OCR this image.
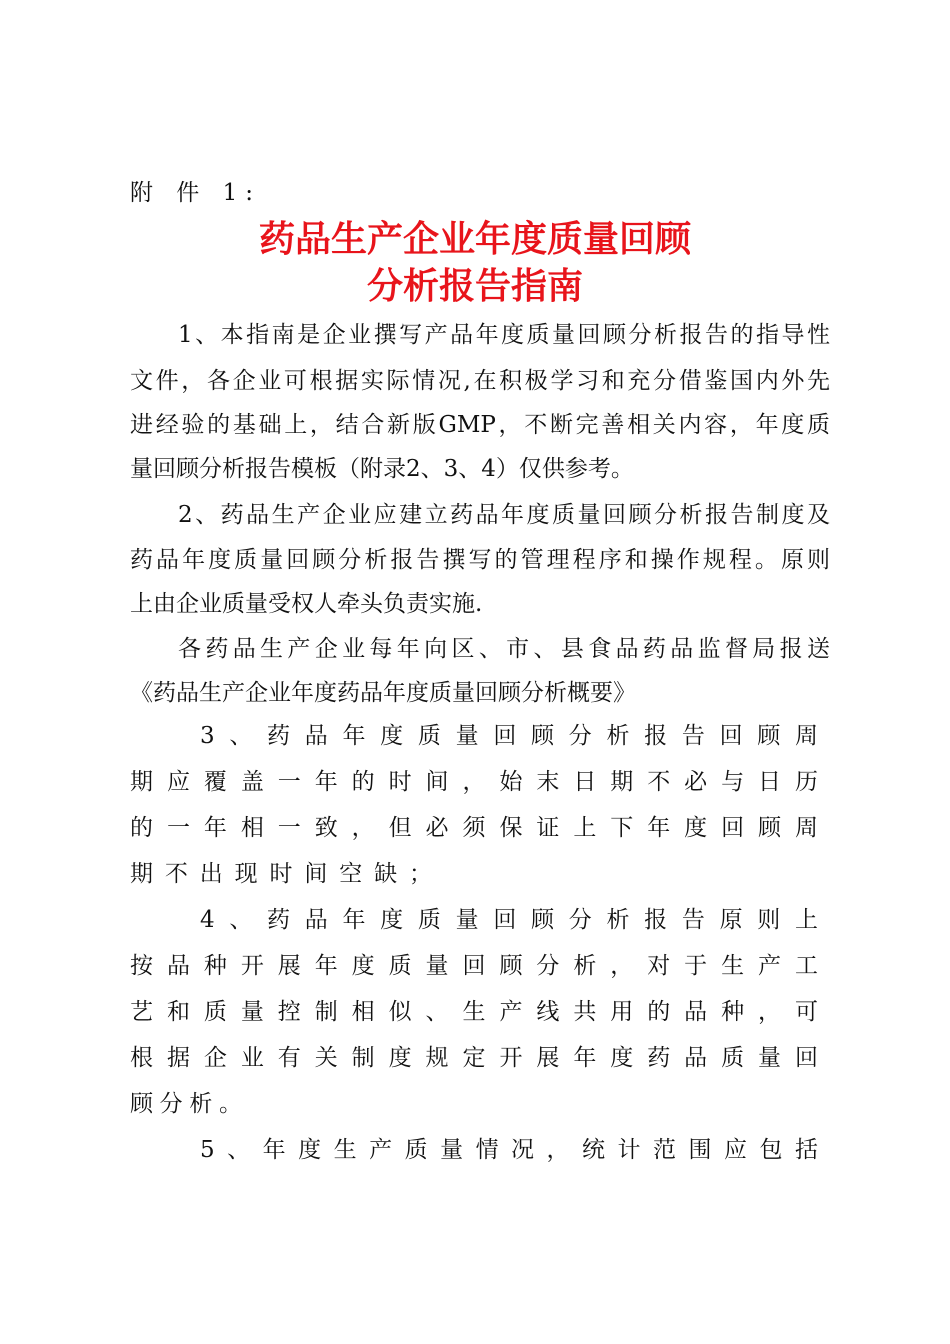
附 件 1:
药品生产企业年度质量回顾
分析报告指南
1、本指南是企业撰写产品年度质量回顾分析报告的指导性
文件，各企业可根据实际情况,在积极学习和充分借鉴国内外先
进经验的基础上，结合新版GMP，不断完善相关内容，年度质
量回顾分析报告模板（附录2、3、4）仅供参考。
2、药品生产企业应建立药品年度质量回顾分析报告制度及
药品年度质量回顾分析报告撰写的管理程序和操作规程。原则
上由企业质量受权人牵头负责实施.
各药品生产企业每年向区、市、县食品药品监督局报送
《药品生产企业年度药品年度质量回顾分析概要》
3、药品年度质量回顾分析报告回顾周
期应覆盖一年的时间，始末日期不必与日历
的一年相一致，但必须保证上下年度回顾周
期不出现时间空缺；
4、药品年度质量回顾分析报告原则上
按品种开展年度质量回顾分析，对于生产工
艺和质量控制相似、生产线共用的品种，可
根据企业有关制度规定开展年度药品质量回
顾分析。
5、年度生产质量情况，统计范围应包括
